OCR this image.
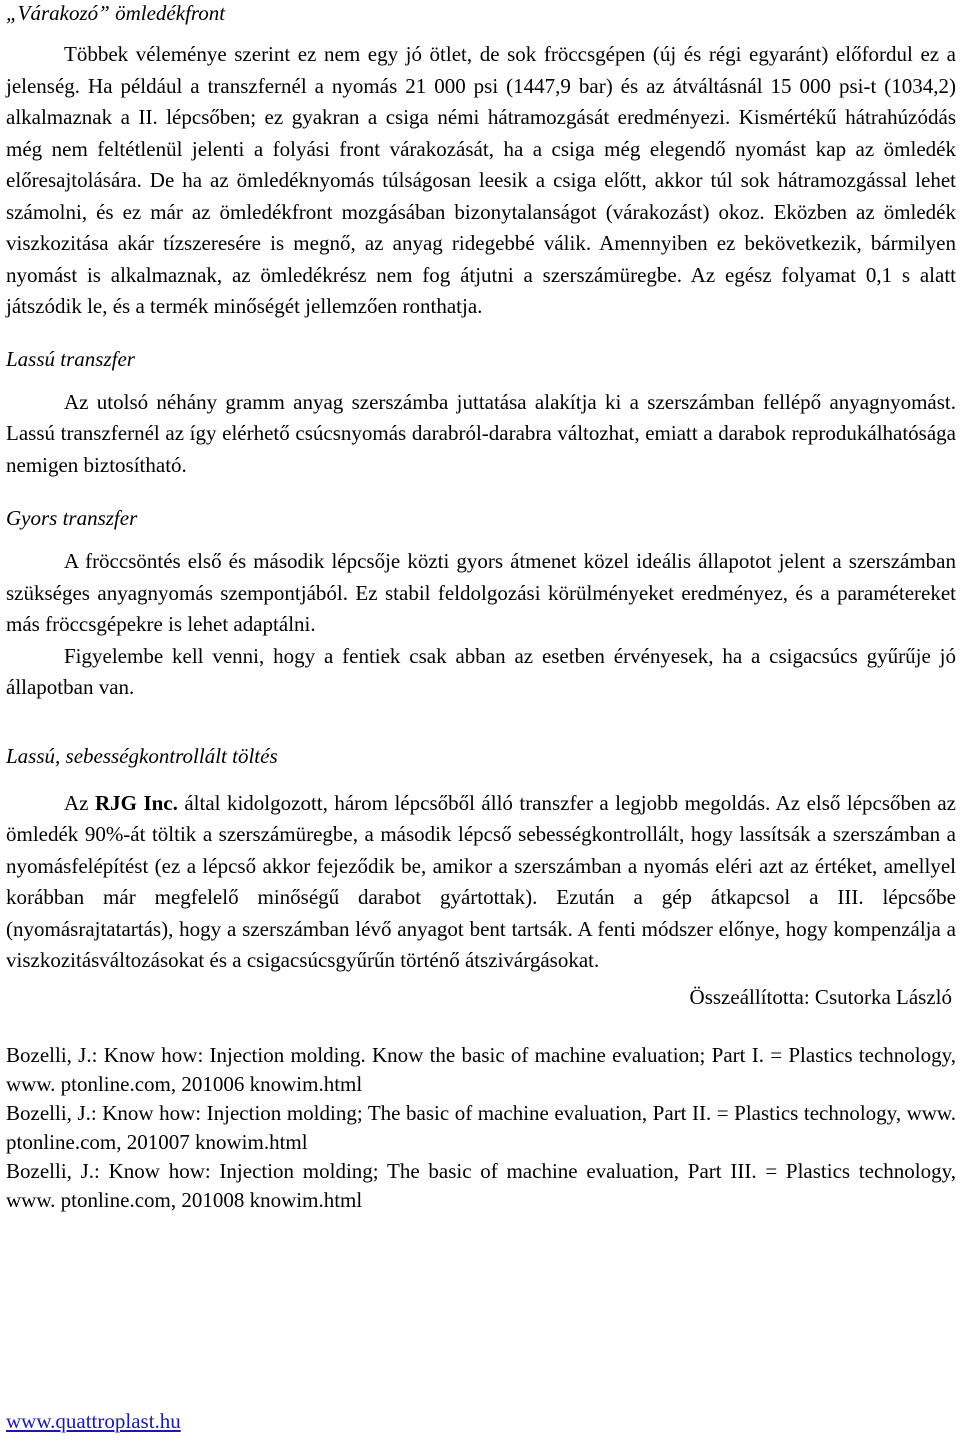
„Várakozó” ömledékfront

Többek véleménye szerint ez nem egy jó ötlet, de sok fröccsgépen (új és régi egyaránt) előfordul ez a jelenség. Ha például a transzfernél a nyomás 21 000 psi (1447,9 bar) és az átváltásnál 15 000 psi-t (1034,2) alkalmaznak a II. lépcsőben; ez gyakran a csiga némi hátramozgását eredményezi. Kismértékű hátrahúzódás még nem feltétlenül jelenti a folyási front várakozását, ha a csiga még elegendő nyomást kap az ömledék előresajtolására. De ha az ömledéknyomás túlságosan leesik a csiga előtt, akkor túl sok hátramozgással lehet számolni, és ez már az ömledékfront mozgásában bizonytalanságot (várakozást) okoz. Eközben az ömledék viszkozitása akár tízszeresére is megnő, az anyag ridegebbé válik. Amennyiben ez bekövetkezik, bármilyen nyomást is alkalmaznak, az ömledékrész nem fog átjutni a szerszámüregbe. Az egész folyamat 0,1 s alatt játszódik le, és a termék minőségét jellemzően ronthatja.

Lassú transzfer

Az utolsó néhány gramm anyag szerszámba juttatása alakítja ki a szerszámban fellépő anyagnyomást. Lassú transzfernél az így elérhető csúcsnyomás darabról-darabra változhat, emiatt a darabok reprodukálhatósága nemigen biztosítható.

Gyors transzfer

A fröccsöntés első és második lépcsője közti gyors átmenet közel ideális állapotot jelent a szerszámban szükséges anyagnyomás szempontjából. Ez stabil feldolgozási körülményeket eredményez, és a paramétereket más fröccsgépekre is lehet adaptálni.

Figyelembe kell venni, hogy a fentiek csak abban az esetben érvényesek, ha a csigacsúcs gyűrűje jó állapotban van.

Lassú, sebességkontrollált töltés

Az RJG Inc. által kidolgozott, három lépcsőből álló transzfer a legjobb megoldás. Az első lépcsőben az ömledék 90%-át töltik a szerszámüregbe, a második lépcső sebességkontrollált, hogy lassítsák a szerszámban a nyomásfelépítést (ez a lépcső akkor fejeződik be, amikor a szerszámban a nyomás eléri azt az értéket, amellyel korábban már megfelelő minőségű darabot gyártottak). Ezután a gép átkapcsol a III. lépcsőbe (nyomásrajtatartás), hogy a szerszámban lévő anyagot bent tartsák. A fenti módszer előnye, hogy kompenzálja a viszkozitásváltozásokat és a csigacsúcsgyűrűn történő átszivárgásokat.

Összeállította: Csutorka László

Bozelli, J.: Know how: Injection molding. Know the basic of machine evaluation; Part I. = Plastics technology, www. ptonline.com, 201006 knowim.html

Bozelli, J.: Know how: Injection molding; The basic of machine evaluation, Part II. = Plastics technology, www. ptonline.com, 201007 knowim.html

Bozelli, J.: Know how: Injection molding; The basic of machine evaluation, Part III. = Plastics technology, www. ptonline.com, 201008 knowim.html

www.quattroplast.hu
